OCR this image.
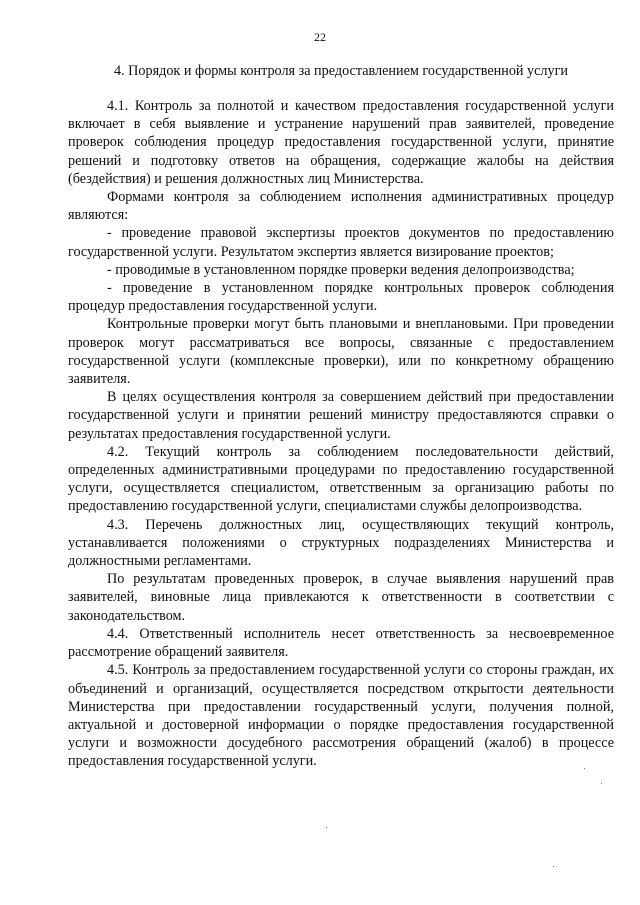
22
4. Порядок и формы контроля за предоставлением государственной услуги

4.1. Контроль за полнотой и качеством предоставления государственной услуги включает в себя выявление и устранение нарушений прав заявителей, проведение проверок соблюдения процедур предоставления государственной услуги, принятие решений и подготовку ответов на обращения, содержащие жалобы на действия (бездействия) и решения должностных лиц Министерства.

Формами контроля за соблюдением исполнения административных процедур являются:

- проведение правовой экспертизы проектов документов по предоставлению государственной услуги. Результатом экспертиз является визирование проектов;

- проводимые в установленном порядке проверки ведения делопроизводства;

- проведение в установленном порядке контрольных проверок соблюдения процедур предоставления государственной услуги.

Контрольные проверки могут быть плановыми и внеплановыми. При проведении проверок могут рассматриваться все вопросы, связанные с предоставлением государственной услуги (комплексные проверки), или по конкретному обращению заявителя.

В целях осуществления контроля за совершением действий при предоставлении государственной услуги и принятии решений министру предоставляются справки о результатах предоставления государственной услуги.

4.2. Текущий контроль за соблюдением последовательности действий, определенных административными процедурами по предоставлению государственной услуги, осуществляется специалистом, ответственным за организацию работы по предоставлению государственной услуги, специалистами службы делопроизводства.

4.3. Перечень должностных лиц, осуществляющих текущий контроль, устанавливается положениями о структурных подразделениях Министерства и должностными регламентами.

По результатам проведенных проверок, в случае выявления нарушений прав заявителей, виновные лица привлекаются к ответственности в соответствии с законодательством.

4.4. Ответственный исполнитель несет ответственность за несвоевременное рассмотрение обращений заявителя.

4.5. Контроль за предоставлением государственной услуги со стороны граждан, их объединений и организаций, осуществляется посредством открытости деятельности Министерства при предоставлении государственный услуги, получения полной, актуальной и достоверной информации о порядке предоставления государственной услуги и возможности досудебного рассмотрения обращений (жалоб) в процессе предоставления государственной услуги.
